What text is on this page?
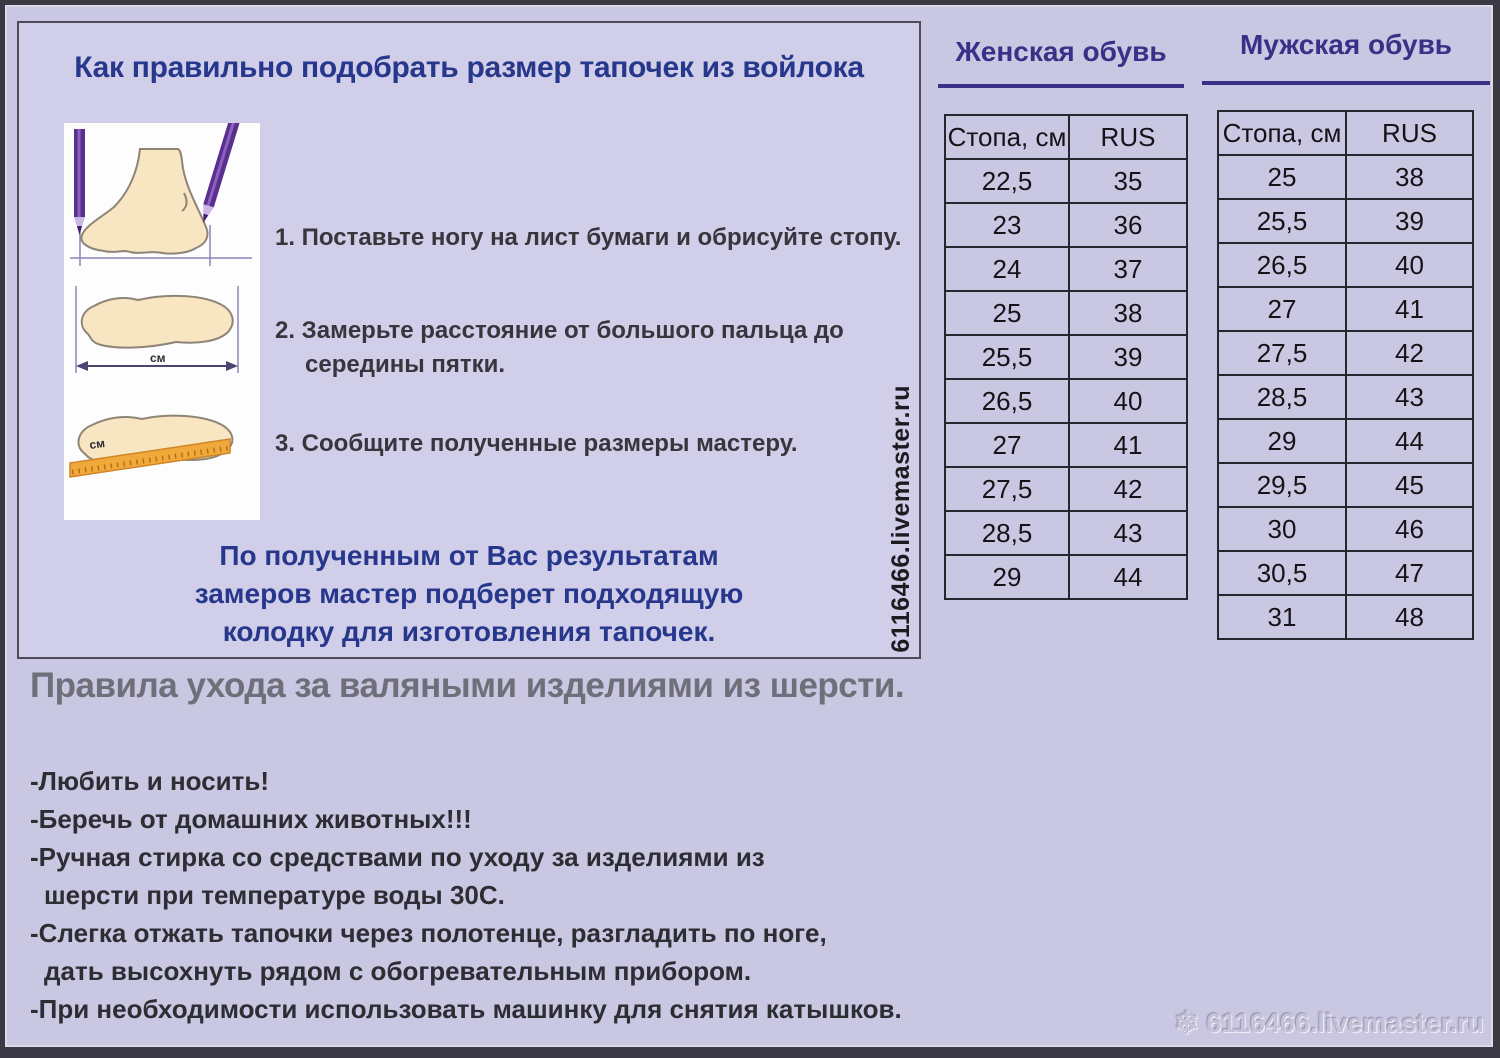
Как правильно подобрать размер тапочек из войлока
см
см
1. Поставьте ногу на лист бумаги и обрисуйте стопу.
2. Замерьте расстояние от большого пальца до
середины пятки.
3. Сообщите полученные размеры мастеру.
По полученным от Вас результатам замеров мастер подберет подходящую колодку для изготовления тапочек.	6116466.livemaster.ru
Женская обувь
Стопа, см	RUS
22,5	35
23	36
24	37
25	38
25,5	39
26,5	40
27	41
27,5	42
28,5	43
29	44
Мужская обувь
Стопа, см	RUS
25	38
25,5	39
26,5	40
27	41
27,5	42
28,5	43
29	44
29,5	45
30	46
30,5	47
31	48
Правила ухода за валяными изделиями из шерсти.
-Любить и носить!
-Беречь от домашних животных!!!
-Ручная стирка со средствами по уходу за изделиями из
шерсти при температуре воды 30С.
-Слегка отжать тапочки через полотенце, разгладить по ноге,
дать высохнуть рядом с обогревательным прибором.
-При необходимости использовать машинку для снятия катышков.	❄ 6116466.livemaster.ru
